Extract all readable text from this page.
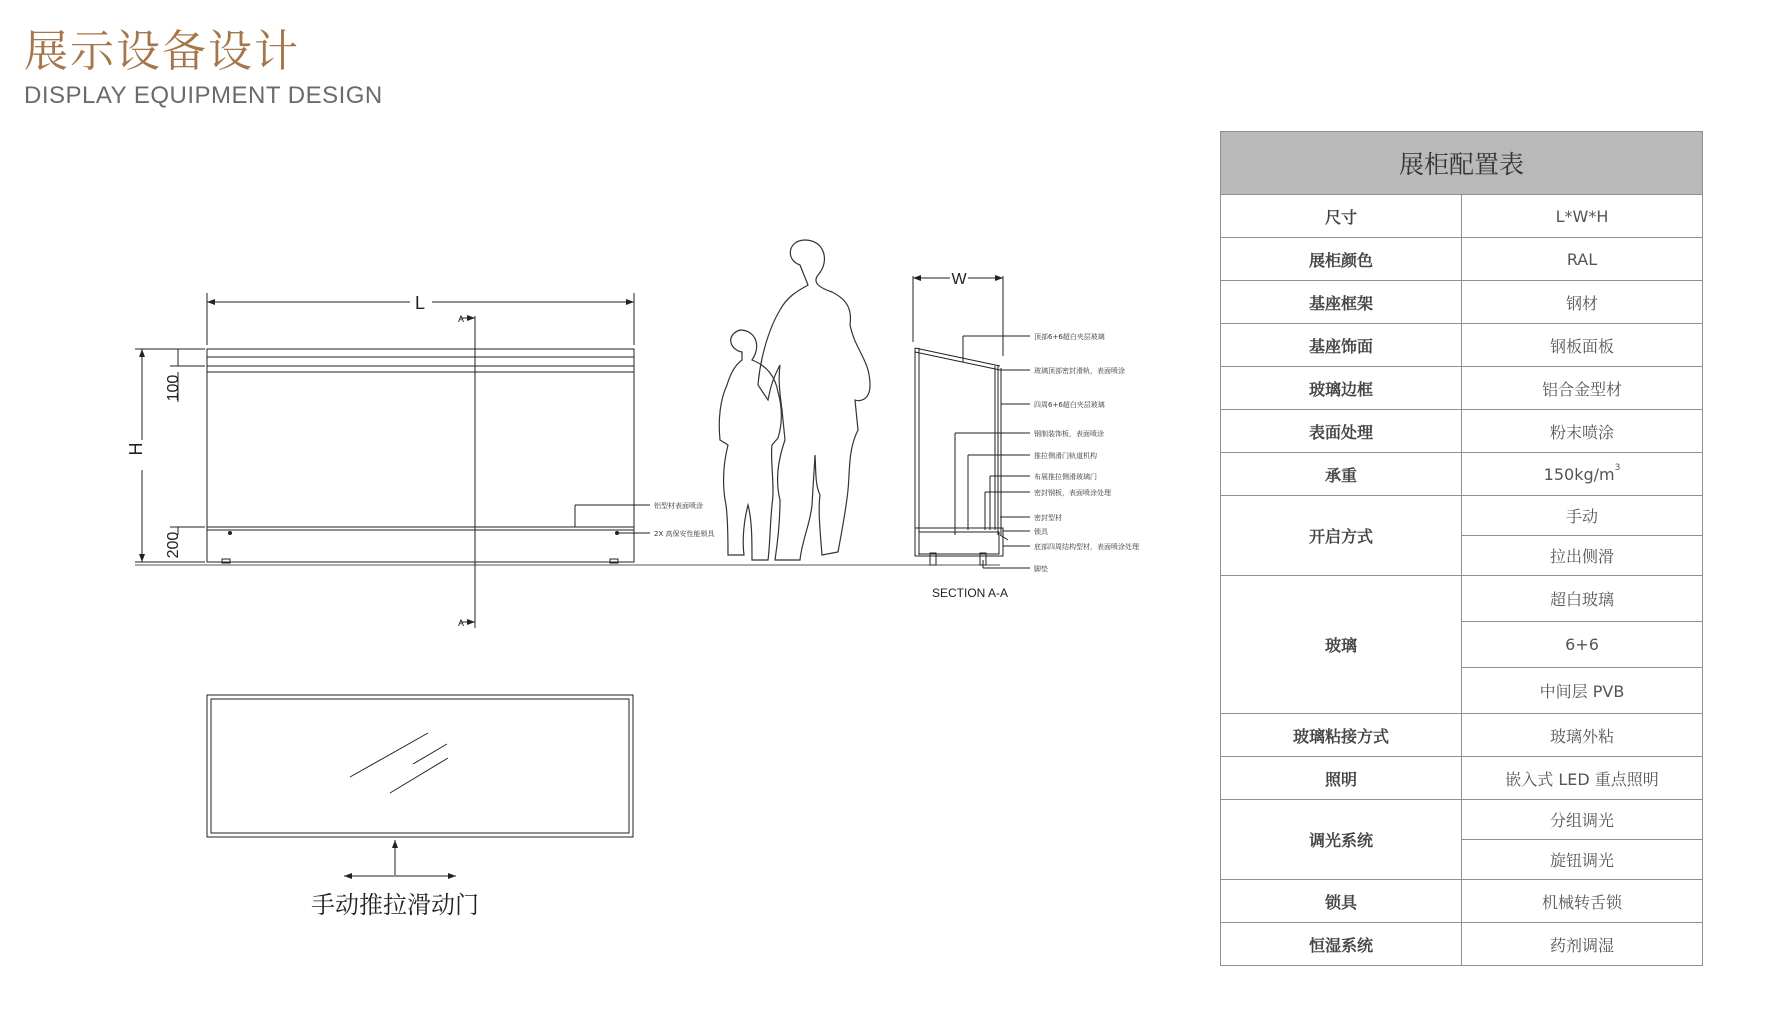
展示设备设计
DISPLAY EQUIPMENT DESIGN
L
H
100
200
A
A
W
SECTION A-A
铝型材表面喷涂
2X 高保安性能锁具
顶部6+6超白夹层玻璃
玻璃顶部密封滑轨，表面喷涂
四周6+6超白夹层玻璃
钢制装饰板，表面喷涂
推拉侧滑门轨道机构
布展推拉侧滑玻璃门
密封钢板，表面喷涂处理
密封型材
锁具
底部四周结构型材，表面喷涂处理
脚垫
手动推拉滑动门
展柜配置表	
尺寸	L*W*H
展柜颜色	RAL
基座框架	钢材
基座饰面	钢板面板
玻璃边框	铝合金型材
表面处理	粉末喷涂
承重	$150kg/m^3$
开启方式	手动
	拉出侧滑
玻璃	超白玻璃
	6+6
	中间层 PVB
玻璃粘接方式	玻璃外粘
照明	嵌入式 LED 重点照明
调光系统	分组调光
	旋钮调光
锁具	机械转舌锁
恒湿系统	药剂调湿
